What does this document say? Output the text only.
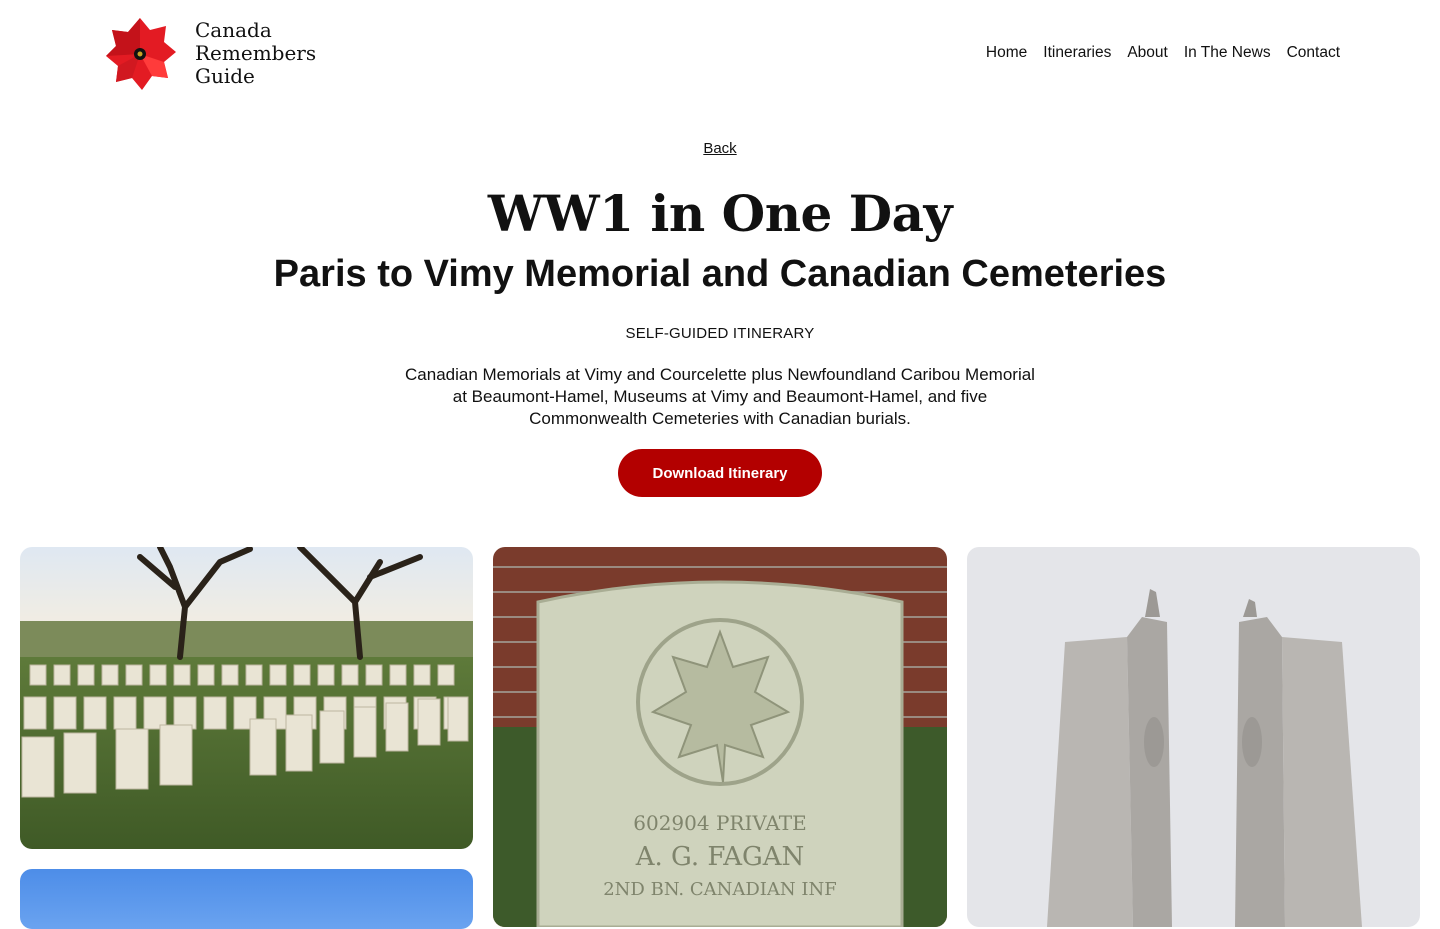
Canada
Remembers
Guide
Home Itineraries About In The News Contact
Back
WW1 in One Day
Paris to Vimy Memorial and Canadian Cemeteries
SELF-GUIDED ITINERARY

Canadian Memorials at Vimy and Courcelette plus Newfoundland Caribou Memorial at Beaumont-Hamel, Museums at Vimy and Beaumont-Hamel, and five Commonwealth Cemeteries with Canadian burials.

Download Itinerary
602904 PRIVATE
A. G. FAGAN
2ND BN. CANADIAN INF
